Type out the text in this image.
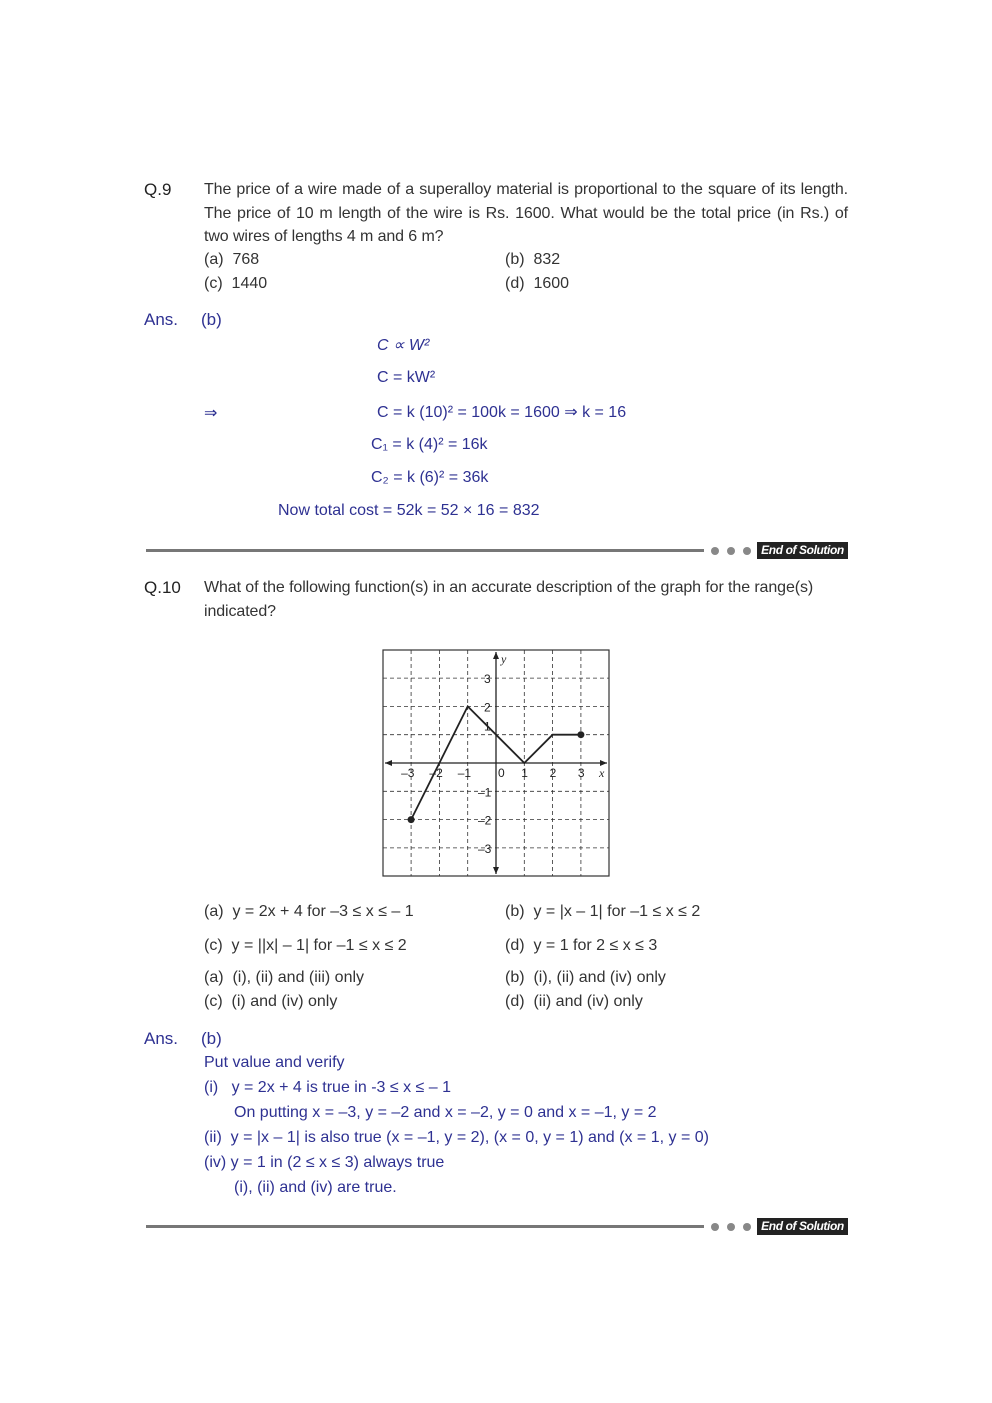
Q.9 The price of a wire made of a superalloy material is proportional to the square of its length. The price of 10 m length of the wire is Rs. 1600. What would be the total price (in Rs.) of two wires of lengths 4 m and 6 m?
(a) 768	(b) 832
(c) 1440	(d) 1600
Ans. (b)
⇒
C ∝ W²
C = kW²
C = k (10)² = 100k = 1600 ⇒ k = 16
C₁ = k (4)² = 16k
C₂ = k (6)² = 36k
Now total cost = 52k = 52 × 16 = 832
End of Solution
Q.10 What of the following function(s) in an accurate description of the graph for the range(s) indicated?
–3 –2 –1 0 1 2 3
3
2
1
–1
–2
–3
x
y
(a) y = 2x + 4 for –3 ≤ x ≤ – 1	(b) y = |x – 1| for –1 ≤ x ≤ 2
(c) y = ||x| – 1| for –1 ≤ x ≤ 2	(d) y = 1 for 2 ≤ x ≤ 3
(a) (i), (ii) and (iii) only	(b) (i), (ii) and (iv) only
(c) (i) and (iv) only	(d) (ii) and (iv) only
Ans. (b)
Put value and verify
(i) y = 2x + 4 is true in -3 ≤ x ≤ – 1
On putting x = –3, y = –2 and x = –2, y = 0 and x = –1, y = 2
(ii) y = |x – 1| is also true (x = –1, y = 2), (x = 0, y = 1) and (x = 1, y = 0)
(iv) y = 1 in (2 ≤ x ≤ 3) always true
(i), (ii) and (iv) are true.
End of Solution
